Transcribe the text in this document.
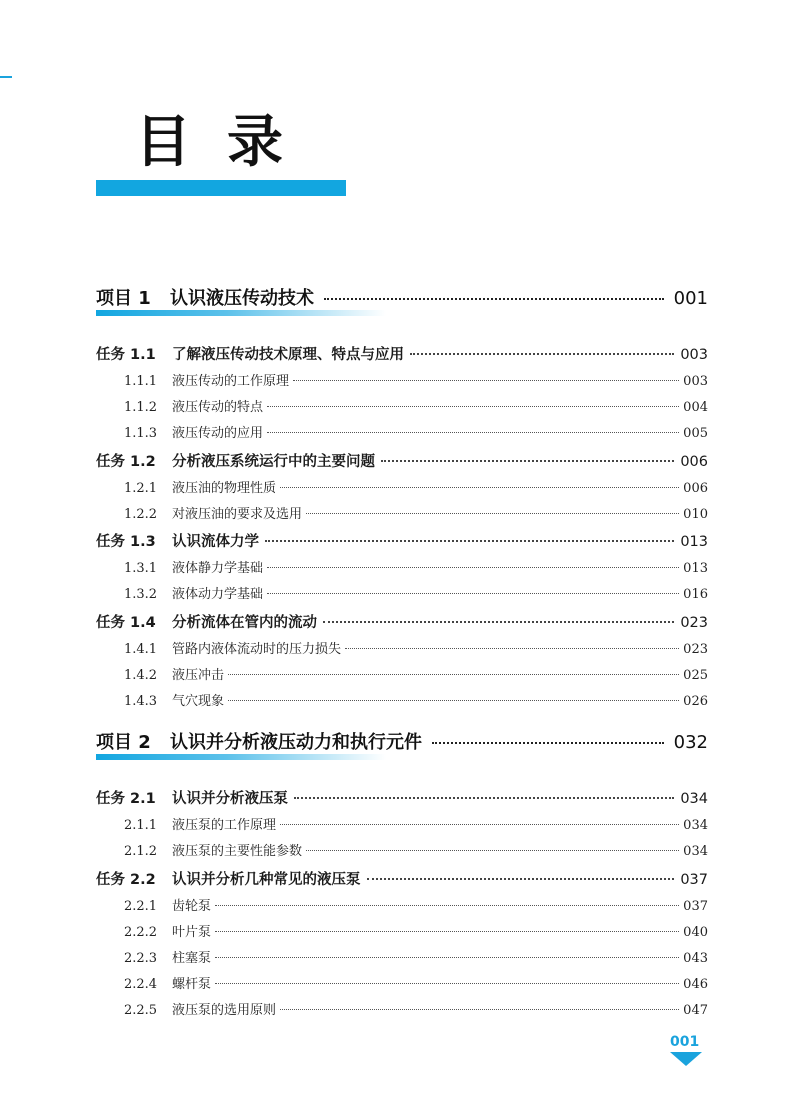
目录
项目 1	认识液压传动技术	001
任务 1.1	了解液压传动技术原理、特点与应用	003
1.1.1	液压传动的工作原理	003
1.1.2	液压传动的特点	004
1.1.3	液压传动的应用	005
任务 1.2	分析液压系统运行中的主要问题	006
1.2.1	液压油的物理性质	006
1.2.2	对液压油的要求及选用	010
任务 1.3	认识流体力学	013
1.3.1	液体静力学基础	013
1.3.2	液体动力学基础	016
任务 1.4	分析流体在管内的流动	023
1.4.1	管路内液体流动时的压力损失	023
1.4.2	液压冲击	025
1.4.3	气穴现象	026
项目 2	认识并分析液压动力和执行元件	032
任务 2.1	认识并分析液压泵	034
2.1.1	液压泵的工作原理	034
2.1.2	液压泵的主要性能参数	034
任务 2.2	认识并分析几种常见的液压泵	037
2.2.1	齿轮泵	037
2.2.2	叶片泵	040
2.2.3	柱塞泵	043
2.2.4	螺杆泵	046
2.2.5	液压泵的选用原则	047
001
